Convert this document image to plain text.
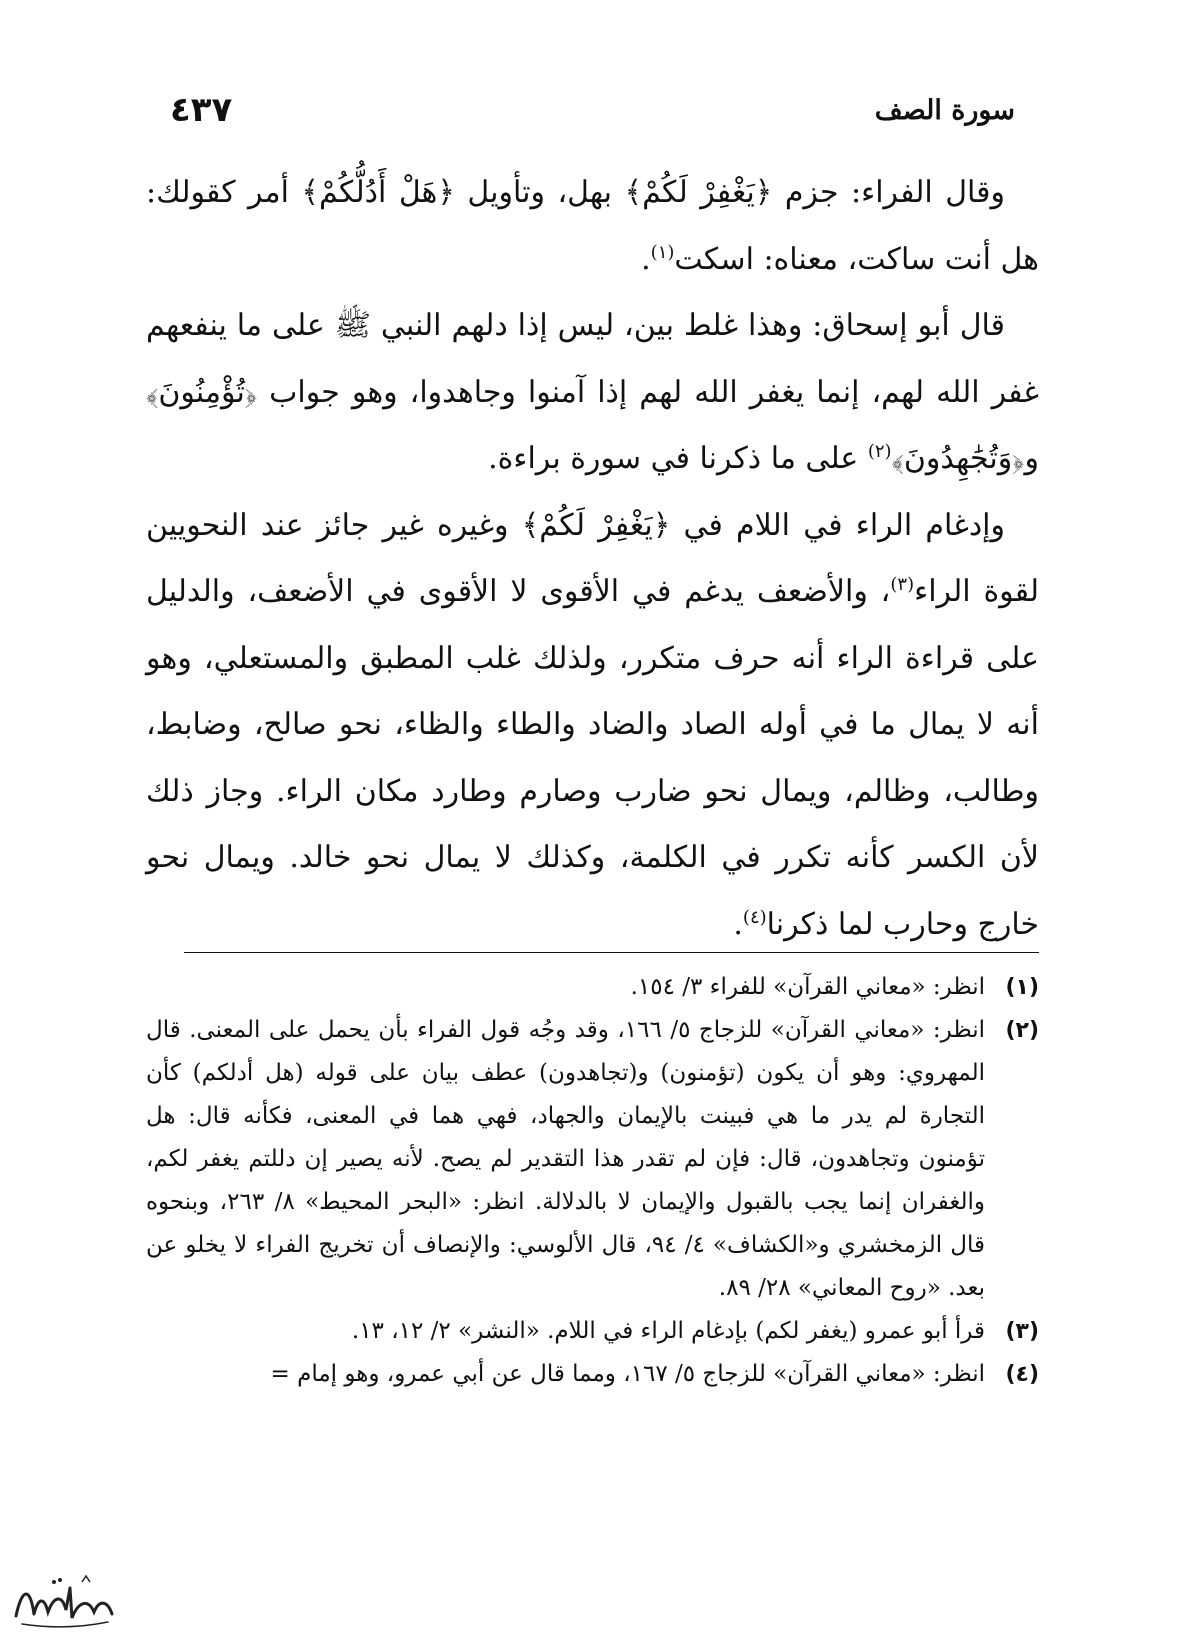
سورة الصف
٤٣٧

وقال الفراء: جزم ﴿يَغْفِرْ لَكُمْ﴾ بهل، وتأويل ﴿هَلْ أَدُلُّكُمْ﴾ أمر كقولك: هل أنت ساكت، معناه: اسكت$^{(١)}$.

قال أبو إسحاق: وهذا غلط بين، ليس إذا دلهم النبي ﷺ على ما ينفعهم غفر الله لهم، إنما يغفر الله لهم إذا آمنوا وجاهدوا، وهو جواب ﴿تُؤْمِنُونَ﴾ و﴿وَتُجَٰهِدُونَ﴾$^{(٢)}$ على ما ذكرنا في سورة براءة.

وإدغام الراء في اللام في ﴿يَغْفِرْ لَكُمْ﴾ وغيره غير جائز عند النحويين لقوة الراء$^{(٣)}$، والأضعف يدغم في الأقوى لا الأقوى في الأضعف، والدليل على قراءة الراء أنه حرف متكرر، ولذلك غلب المطبق والمستعلي، وهو أنه لا يمال ما في أوله الصاد والضاد والطاء والظاء، نحو صالح، وضابط، وطالب، وظالم، ويمال نحو ضارب وصارم وطارد مكان الراء. وجاز ذلك لأن الكسر كأنه تكرر في الكلمة، وكذلك لا يمال نحو خالد. ويمال نحو خارج وحارب لما ذكرنا$^{(٤)}$.

(١)
انظر: «معاني القرآن» للفراء ٣/ ١٥٤.
(٢)
انظر: «معاني القرآن» للزجاج ٥/ ١٦٦، وقد وجُه قول الفراء بأن يحمل على المعنى. قال المهروي: وهو أن يكون (تؤمنون) و(تجاهدون) عطف بيان على قوله (هل أدلكم) كأن التجارة لم يدر ما هي فبينت بالإيمان والجهاد، فهي هما في المعنى، فكأنه قال: هل تؤمنون وتجاهدون، قال: فإن لم تقدر هذا التقدير لم يصح. لأنه يصير إن دللتم يغفر لكم، والغفران إنما يجب بالقبول والإيمان لا بالدلالة. انظر: «البحر المحيط» ٨/ ٢٦٣، وبنحوه قال الزمخشري و«الكشاف» ٤/ ٩٤، قال الألوسي: والإنصاف أن تخريج الفراء لا يخلو عن بعد. «روح المعاني» ٢٨/ ٨٩.
(٣)
قرأ أبو عمرو (يغفر لكم) بإدغام الراء في اللام. «النشر» ٢/ ١٢، ١٣.
(٤)
انظر: «معاني القرآن» للزجاج ٥/ ١٦٧، ومما قال عن أبي عمرو، وهو إمام =
